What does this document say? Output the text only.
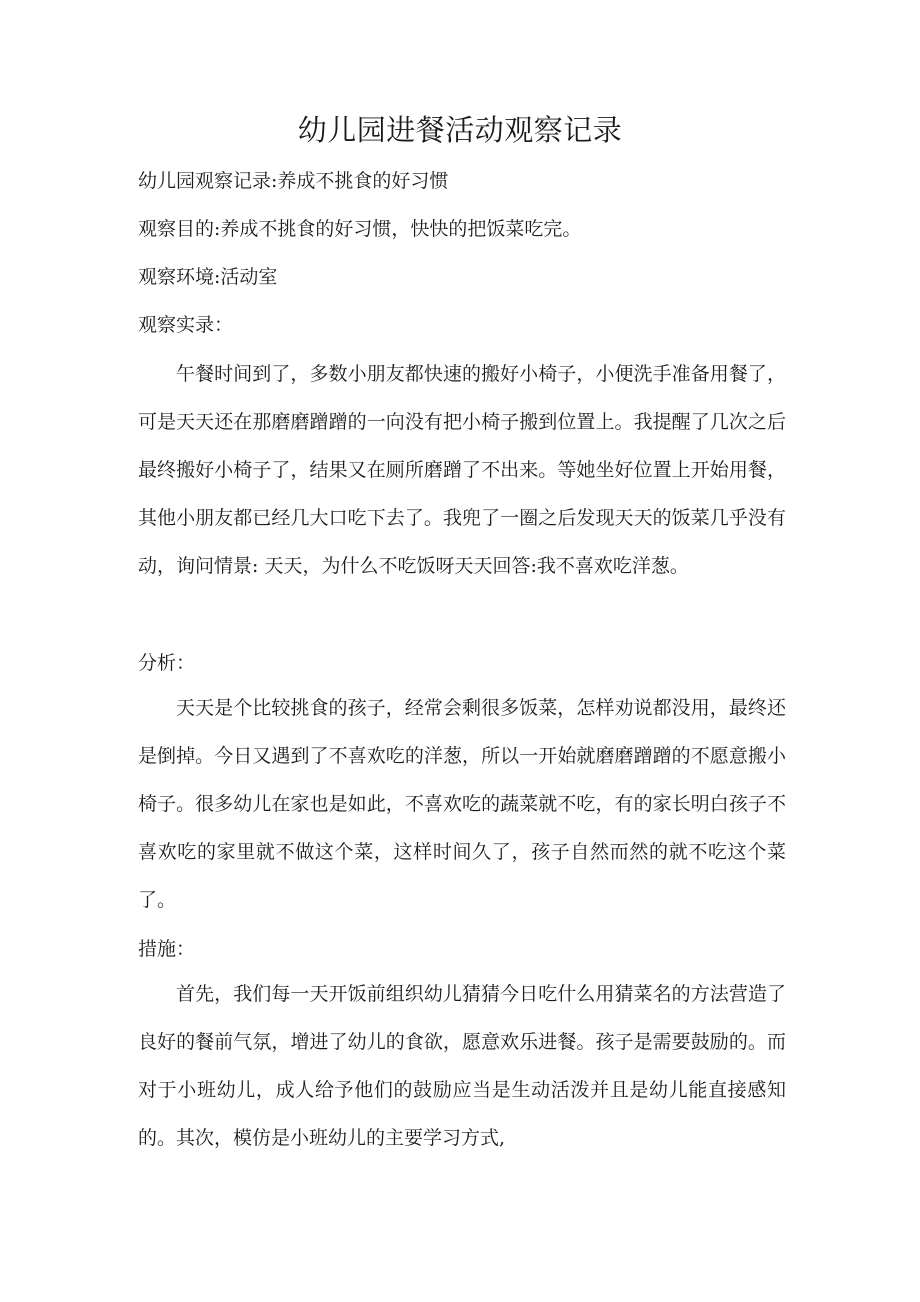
幼儿园进餐活动观察记录
幼儿园观察记录:养成不挑食的好习惯
观察目的:养成不挑食的好习惯，快快的把饭菜吃完。
观察环境:活动室
观察实录：

午餐时间到了，多数小朋友都快速的搬好小椅子，小便洗手准备用餐了，可是天天还在那磨磨蹭蹭的一向没有把小椅子搬到位置上。我提醒了几次之后最终搬好小椅子了，结果又在厕所磨蹭了不出来。等她坐好位置上开始用餐，其他小朋友都已经几大口吃下去了。我兜了一圈之后发现天天的饭菜几乎没有动，询问情景: 天天，为什么不吃饭呀天天回答:我不喜欢吃洋葱。

分析：

天天是个比较挑食的孩子，经常会剩很多饭菜，怎样劝说都没用，最终还是倒掉。今日又遇到了不喜欢吃的洋葱，所以一开始就磨磨蹭蹭的不愿意搬小椅子。很多幼儿在家也是如此，不喜欢吃的蔬菜就不吃，有的家长明白孩子不喜欢吃的家里就不做这个菜，这样时间久了，孩子自然而然的就不吃这个菜了。

措施：

首先，我们每一天开饭前组织幼儿猜猜今日吃什么用猜菜名的方法营造了良好的餐前气氛，增进了幼儿的食欲，愿意欢乐进餐。孩子是需要鼓励的。而对于小班幼儿，成人给予他们的鼓励应当是生动活泼并且是幼儿能直接感知的。其次，模仿是小班幼儿的主要学习方式,
